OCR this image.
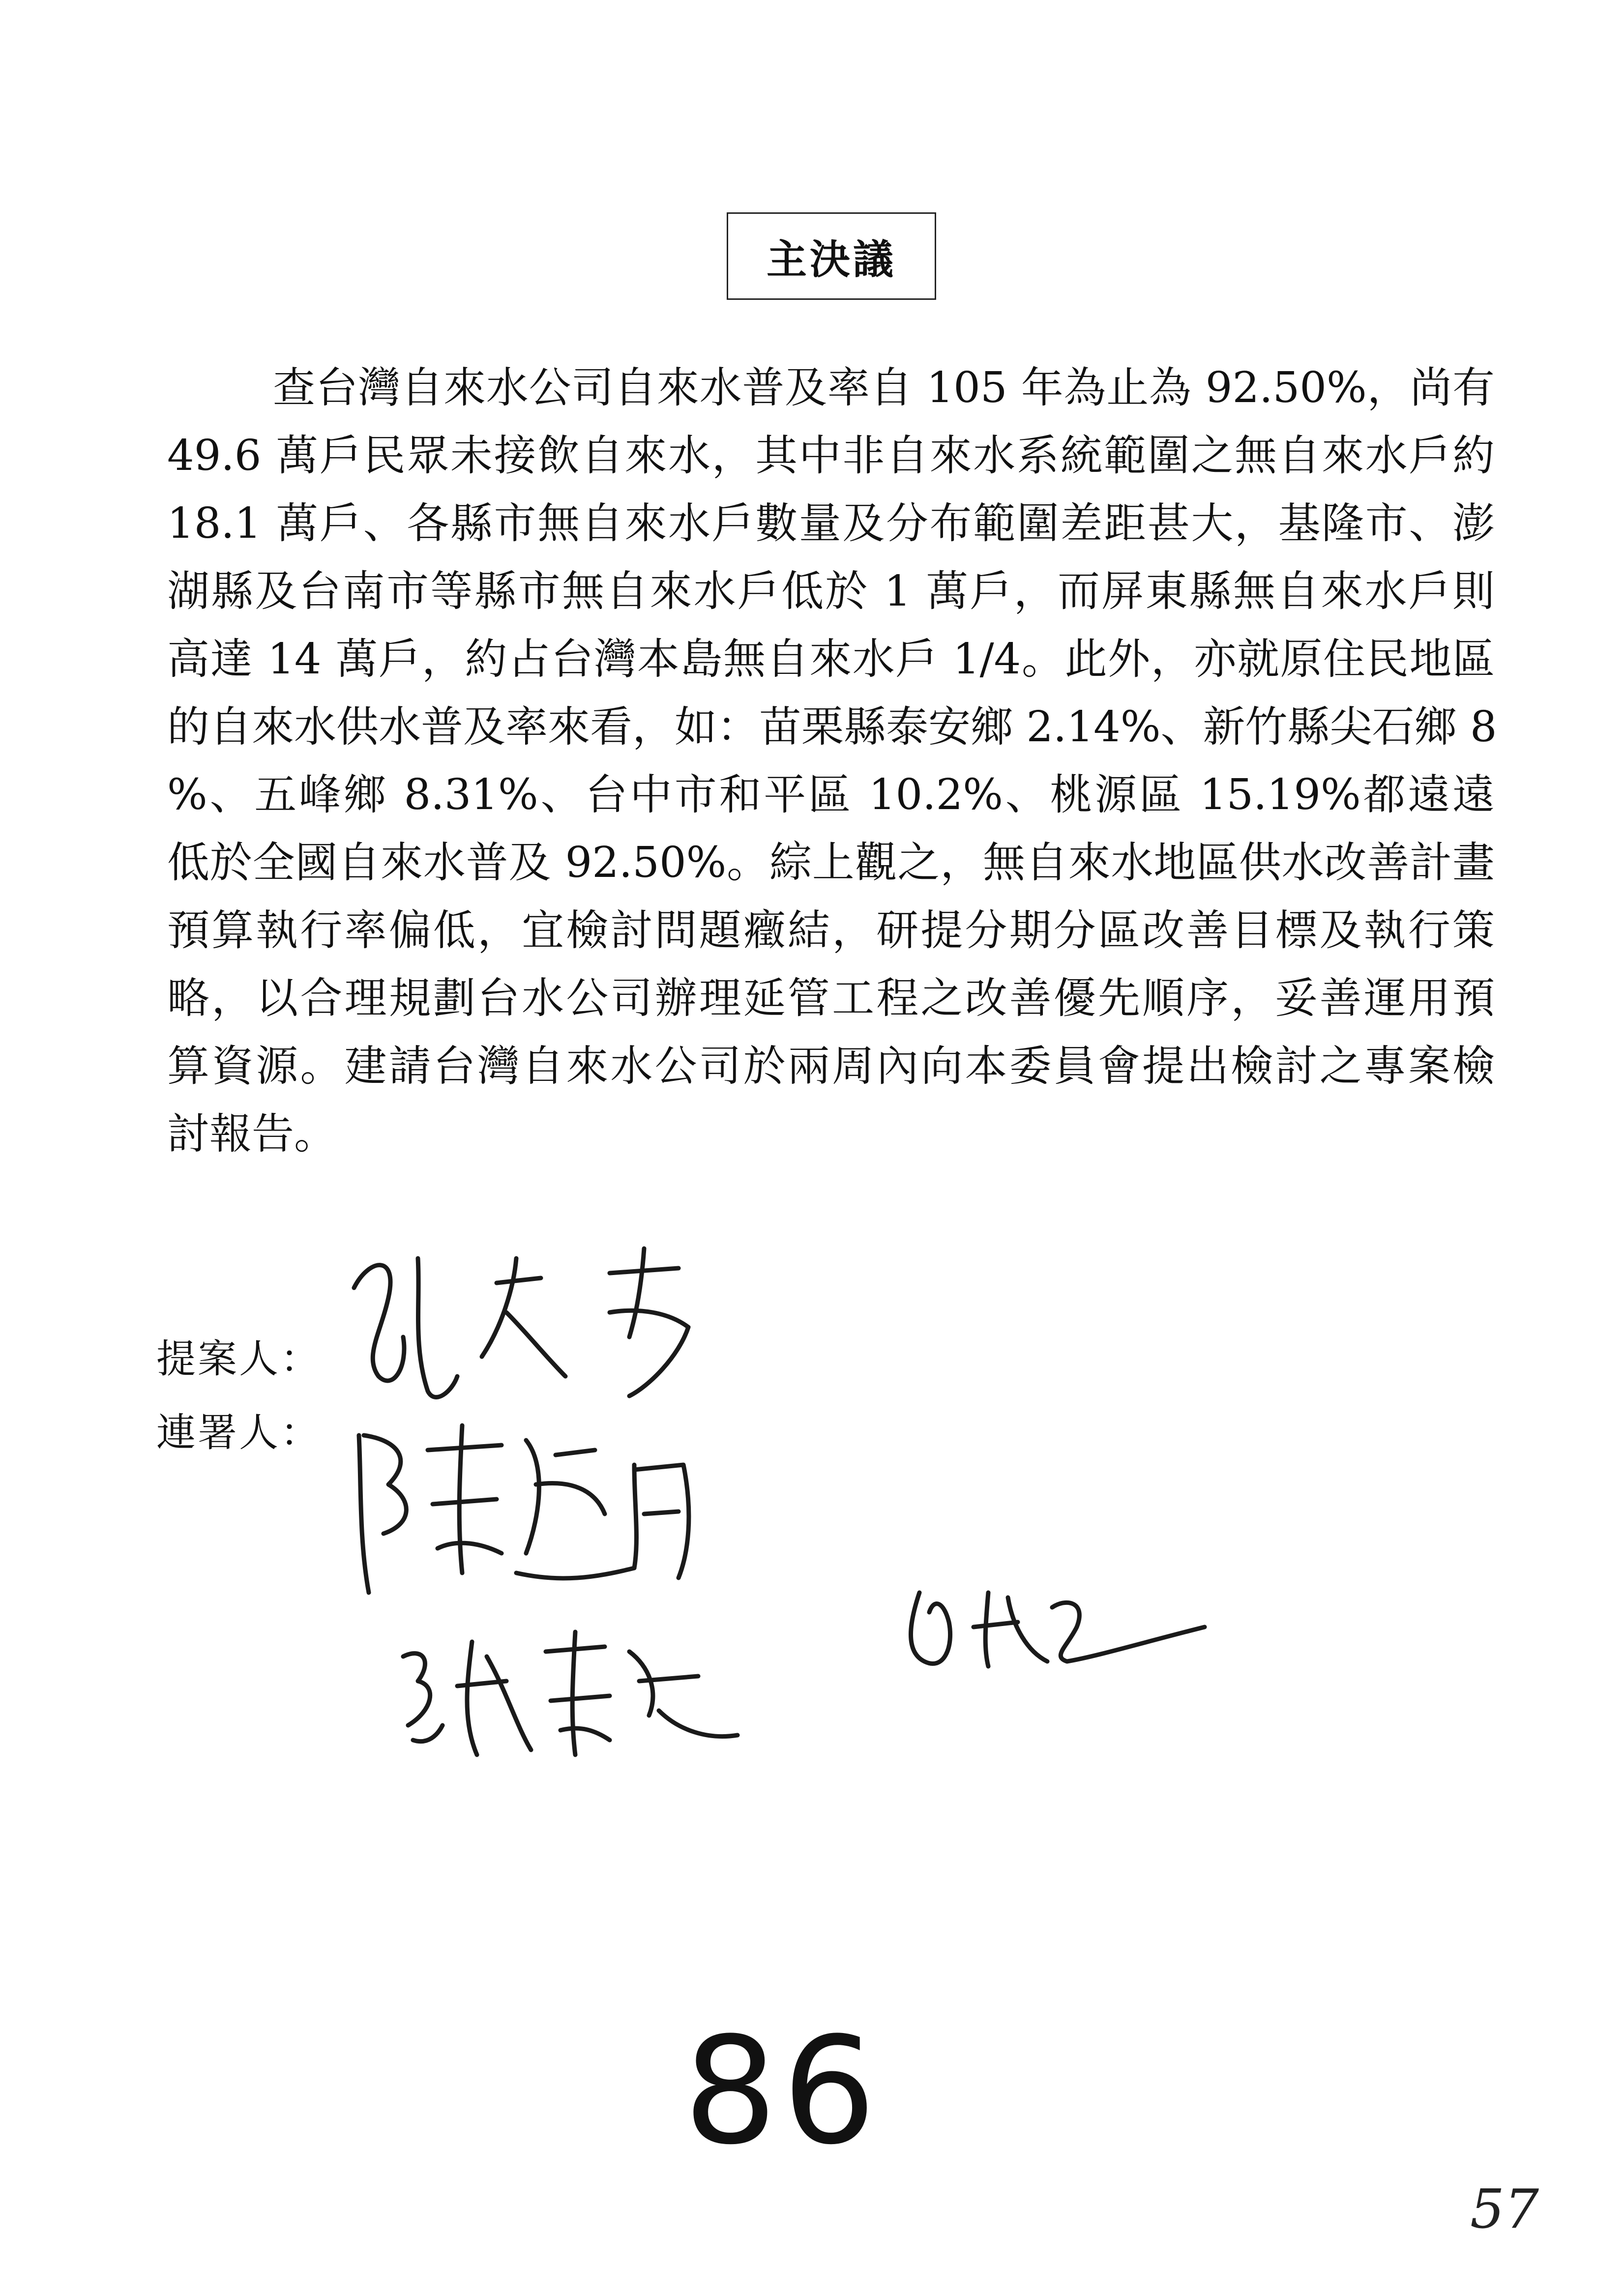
主決議
查台灣自來水公司自來水普及率自 105 年為止為 92.50%，尚有
49.6 萬戶民眾未接飲自來水，其中非自來水系統範圍之無自來水戶約
18.1 萬戶、各縣市無自來水戶數量及分布範圍差距甚大，基隆市、澎
湖縣及台南市等縣市無自來水戶低於 1 萬戶，而屏東縣無自來水戶則
高達 14 萬戶，約占台灣本島無自來水戶 1/4。此外，亦就原住民地區
的自來水供水普及率來看，如：苗栗縣泰安鄉 2.14%、新竹縣尖石鄉 8
%、五峰鄉 8.31%、台中市和平區 10.2%、桃源區 15.19%都遠遠
低於全國自來水普及 92.50%。綜上觀之，無自來水地區供水改善計畫
預算執行率偏低，宜檢討問題癥結，研提分期分區改善目標及執行策
略，以合理規劃台水公司辦理延管工程之改善優先順序，妥善運用預
算資源。建請台灣自來水公司於兩周內向本委員會提出檢討之專案檢
討報告。
提案人：
連署人：
86
57
